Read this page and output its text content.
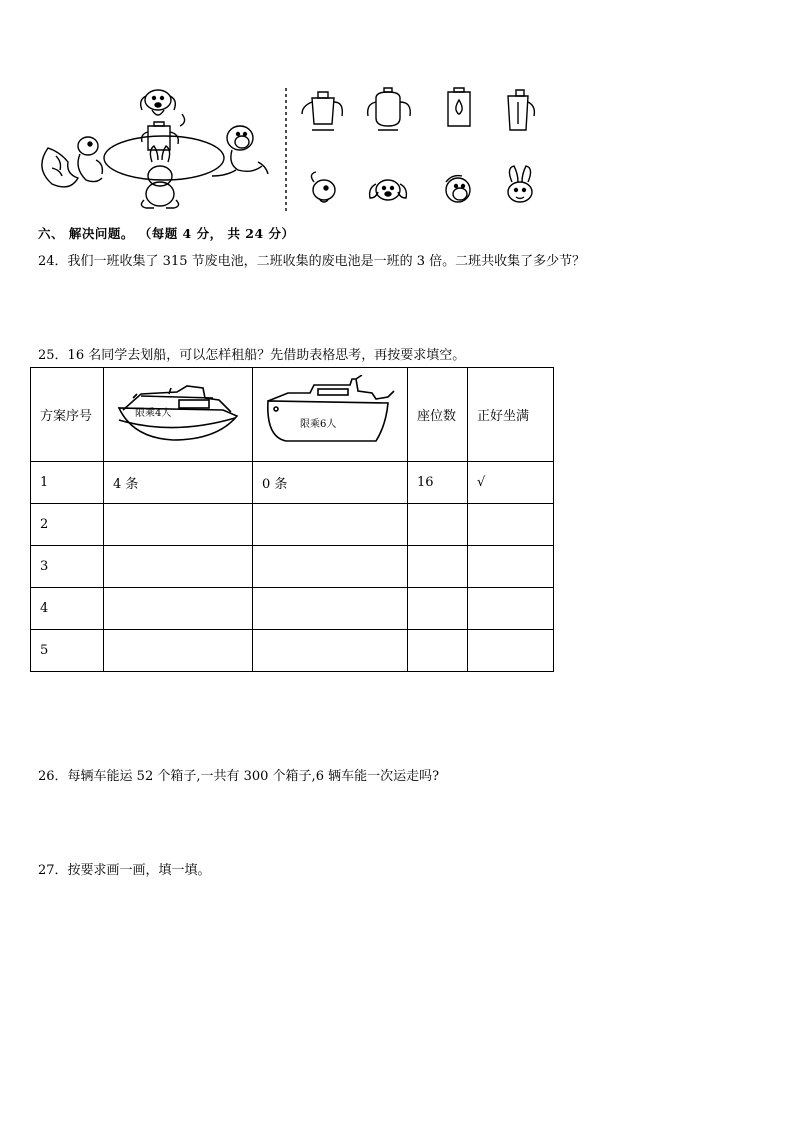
六、 解决问题。 （每题 4 分， 共 24 分）
24．我们一班收集了 315 节废电池，二班收集的废电池是一班的 3 倍。二班共收集了多少节？
25．16 名同学去划船，可以怎样租船？先借助表格思考，再按要求填空。
方案序号	限乘4人	限乘6人	座位数	正好坐满
1	4 条	0 条	16	√
2				
3				
4				
5				
26．每辆车能运 52 个箱子,一共有 300 个箱子,6 辆车能一次运走吗?
27．按要求画一画，填一填。
